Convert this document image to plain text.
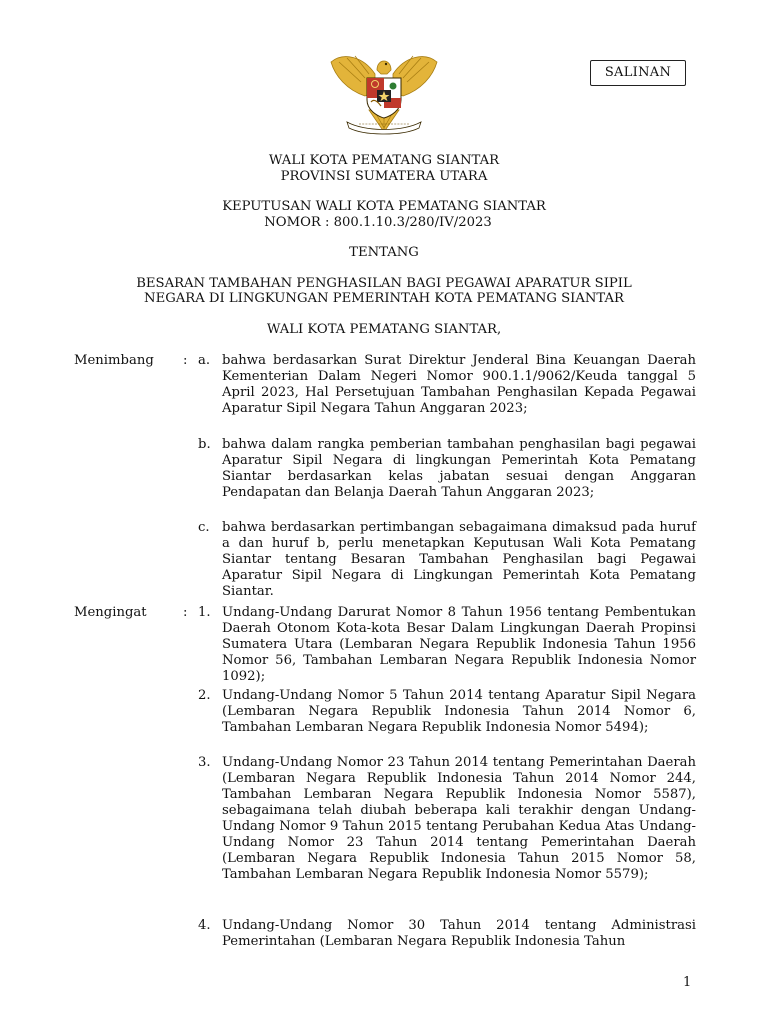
SALINAN
WALI KOTA PEMATANG SIANTAR
PROVINSI SUMATERA UTARA
KEPUTUSAN WALI KOTA PEMATANG SIANTAR
NOMOR : 800.1.10.3/280/IV/2023
TENTANG
BESARAN TAMBAHAN PENGHASILAN BAGI PEGAWAI APARATUR SIPIL
NEGARA DI LINGKUNGAN PEMERINTAH KOTA PEMATANG SIANTAR
WALI KOTA PEMATANG SIANTAR,
Menimbang	: a. bahwa berdasarkan Surat Direktur Jenderal Bina Keuangan Daerah Kementerian Dalam Negeri Nomor 900.1.1/9062/Keuda tanggal 5 April 2023, Hal Persetujuan Tambahan Penghasilan Kepada Pegawai Aparatur Sipil Negara Tahun Anggaran 2023;
b. bahwa dalam rangka pemberian tambahan penghasilan bagi pegawai Aparatur Sipil Negara di lingkungan Pemerintah Kota Pematang Siantar berdasarkan kelas jabatan sesuai dengan Anggaran Pendapatan dan Belanja Daerah Tahun Anggaran 2023;
c. bahwa berdasarkan pertimbangan sebagaimana dimaksud pada huruf a dan huruf b, perlu menetapkan Keputusan Wali Kota Pematang Siantar tentang Besaran Tambahan Penghasilan bagi Pegawai Aparatur Sipil Negara di Lingkungan Pemerintah Kota Pematang Siantar.
Mengingat	: 1. Undang-Undang Darurat Nomor 8 Tahun 1956 tentang Pembentukan Daerah Otonom Kota-kota Besar Dalam Lingkungan Daerah Propinsi Sumatera Utara (Lembaran Negara Republik Indonesia Tahun 1956 Nomor 56, Tambahan Lembaran Negara Republik Indonesia Nomor 1092);
2. Undang-Undang Nomor 5 Tahun 2014 tentang Aparatur Sipil Negara (Lembaran Negara Republik Indonesia Tahun 2014 Nomor 6, Tambahan Lembaran Negara Republik Indonesia Nomor 5494);
3. Undang-Undang Nomor 23 Tahun 2014 tentang Pemerintahan Daerah (Lembaran Negara Republik Indonesia Tahun 2014 Nomor 244, Tambahan Lembaran Negara Republik Indonesia Nomor 5587), sebagaimana telah diubah beberapa kali terakhir dengan Undang-Undang Nomor 9 Tahun 2015 tentang Perubahan Kedua Atas Undang-Undang Nomor 23 Tahun 2014 tentang Pemerintahan Daerah (Lembaran Negara Republik Indonesia Tahun 2015 Nomor 58, Tambahan Lembaran Negara Republik Indonesia Nomor 5579);
4. Undang-Undang Nomor 30 Tahun 2014 tentang Administrasi Pemerintahan (Lembaran Negara Republik Indonesia Tahun
1
